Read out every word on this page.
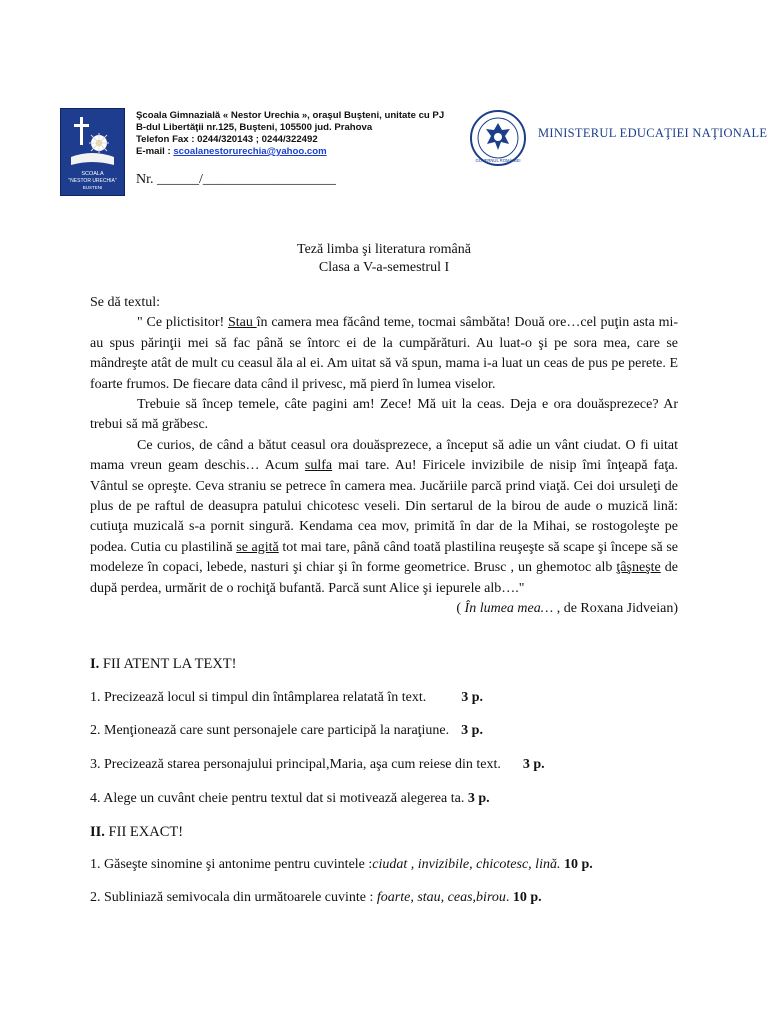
SCOALA
"NESTOR URECHIA"
BUSTENI
Şcoala Gimnazială « Nestor Urechia », oraşul Buşteni, unitate cu PJ
B-dul Libertăţii nr.125, Buşteni, 105500 jud. Prahova
Telefon Fax : 0244/320143 ; 0244/322492
E-mail : scoalanestorurechia@yahoo.com
Nr. ______/___________________
GUVERNUL ROMÂNIEI
MINISTERUL EDUCAŢIEI NAŢIONALE
Teză limba şi literatura română
Clasa a V-a-semestrul I

Se dă textul:

" Ce plictisitor! Stau în camera mea făcând teme, tocmai sâmbăta! Două ore…cel puţin asta mi-au spus părinţii mei să fac până se întorc ei de la cumpărături. Au luat-o şi pe sora mea, care se mândreşte atât de mult cu ceasul ăla al ei. Am uitat să vă spun, mama i-a luat un ceas de pus pe perete. E foarte frumos. De fiecare data când il privesc, mă pierd în lumea viselor.

Trebuie să încep temele, câte pagini am! Zece! Mă uit la ceas. Deja e ora douăsprezece? Ar trebui să mă grăbesc.

Ce curios, de când a bătut ceasul ora douăsprezece, a început să adie un vânt ciudat. O fi uitat mama vreun geam deschis… Acum sulfa mai tare. Au! Firicele invizibile de nisip îmi înţeapă faţa. Vântul se opreşte. Ceva straniu se petrece în camera mea. Jucăriile parcă prind viaţă. Cei doi ursuleţi de plus de pe raftul de deasupra patului chicotesc veseli. Din sertarul de la birou de aude o muzică lină: cutiuţa muzicală s-a pornit singură. Kendama cea mov, primită în dar de la Mihai, se rostogoleşte pe podea. Cutia cu plastilină se agită tot mai tare, până când toată plastilina reuşeşte să scape şi începe să se modeleze în copaci, lebede, nasturi şi chiar şi în forme geometrice. Brusc , un ghemotoc alb ţâşneşte de după perdea, urmărit de o rochiţă bufantă. Parcă sunt Alice şi iepurele alb…."

( În lumea mea… , de Roxana Jidveian)

I. FII ATENT LA TEXT!
1. Precizează locul si timpul din întâmplarea relatată în text.	3 p.
2. Menţionează care sunt personajele care participă la naraţiune. 3 p.
3. Precizează starea personajului principal,Maria, aşa cum reiese din text. 3 p.
4. Alege un cuvânt cheie pentru textul dat si motivează alegerea ta. 3 p.
II. FII EXACT!
1. Găseşte sinomine şi antonime pentru cuvintele :ciudat , invizibile, chicotesc, lină. 10 p.
2. Subliniază semivocala din următoarele cuvinte : foarte, stau, ceas,birou. 10 p.
